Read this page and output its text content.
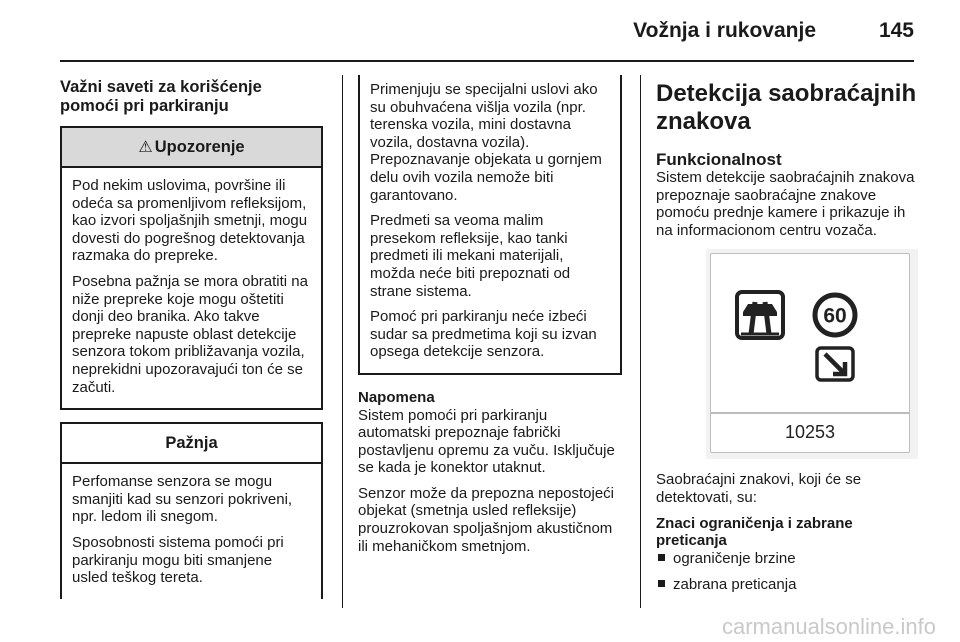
Vožnja i rukovanje	145
Važni saveti za korišćenje pomoći pri parkiranju
⚠ Upozorenje

Pod nekim uslovima, površine ili odeća sa promenljivom refleksijom, kao izvori spoljašnjih smetnji, mogu dovesti do pogrešnog detektovanja razmaka do prepreke.

Posebna pažnja se mora obratiti na niže prepreke koje mogu oštetiti donji deo branika. Ako takve prepreke napuste oblast detekcije senzora tokom približavanja vozila, neprekidni upozoravajući ton će se začuti.

Pažnja

Perfomanse senzora se mogu smanjiti kad su senzori pokriveni, npr. ledom ili snegom.

Sposobnosti sistema pomoći pri parkiranju mogu biti smanjene usled teškog tereta.

Primenjuju se specijalni uslovi ako su obuhvaćena višlja vozila (npr. terenska vozila, mini dostavna vozila, dostavna vozila).

Prepoznavanje objekata u gornjem delu ovih vozila nemože biti garantovano.

Predmeti sa veoma malim presekom refleksije, kao tanki predmeti ili mekani materijali, možda neće biti prepoznati od strane sistema.

Pomoć pri parkiranju neće izbeći sudar sa predmetima koji su izvan opsega detekcije senzora.

Napomena

Sistem pomoći pri parkiranju automatski prepoznaje fabrički postavljenu opremu za vuču. Isključuje se kada je konektor utaknut.

Senzor može da prepozna nepostojeći objekat (smetnja usled refleksije) prouzrokovan spoljašnjom akustičnom ili mehaničkom smetnjom.

Detekcija saobraćajnih znakova
Funkcionalnost

Sistem detekcije saobraćajnih znakova prepoznaje saobraćajne znakove pomoću prednje kamere i prikazuje ih na informacionom centru vozača.

60
10253

Saobraćajni znakovi, koji će se detektovati, su:

Znaci ograničenja i zabrane preticanja
ograničenje brzine
zabrana preticanja
carmanualsonline.info
